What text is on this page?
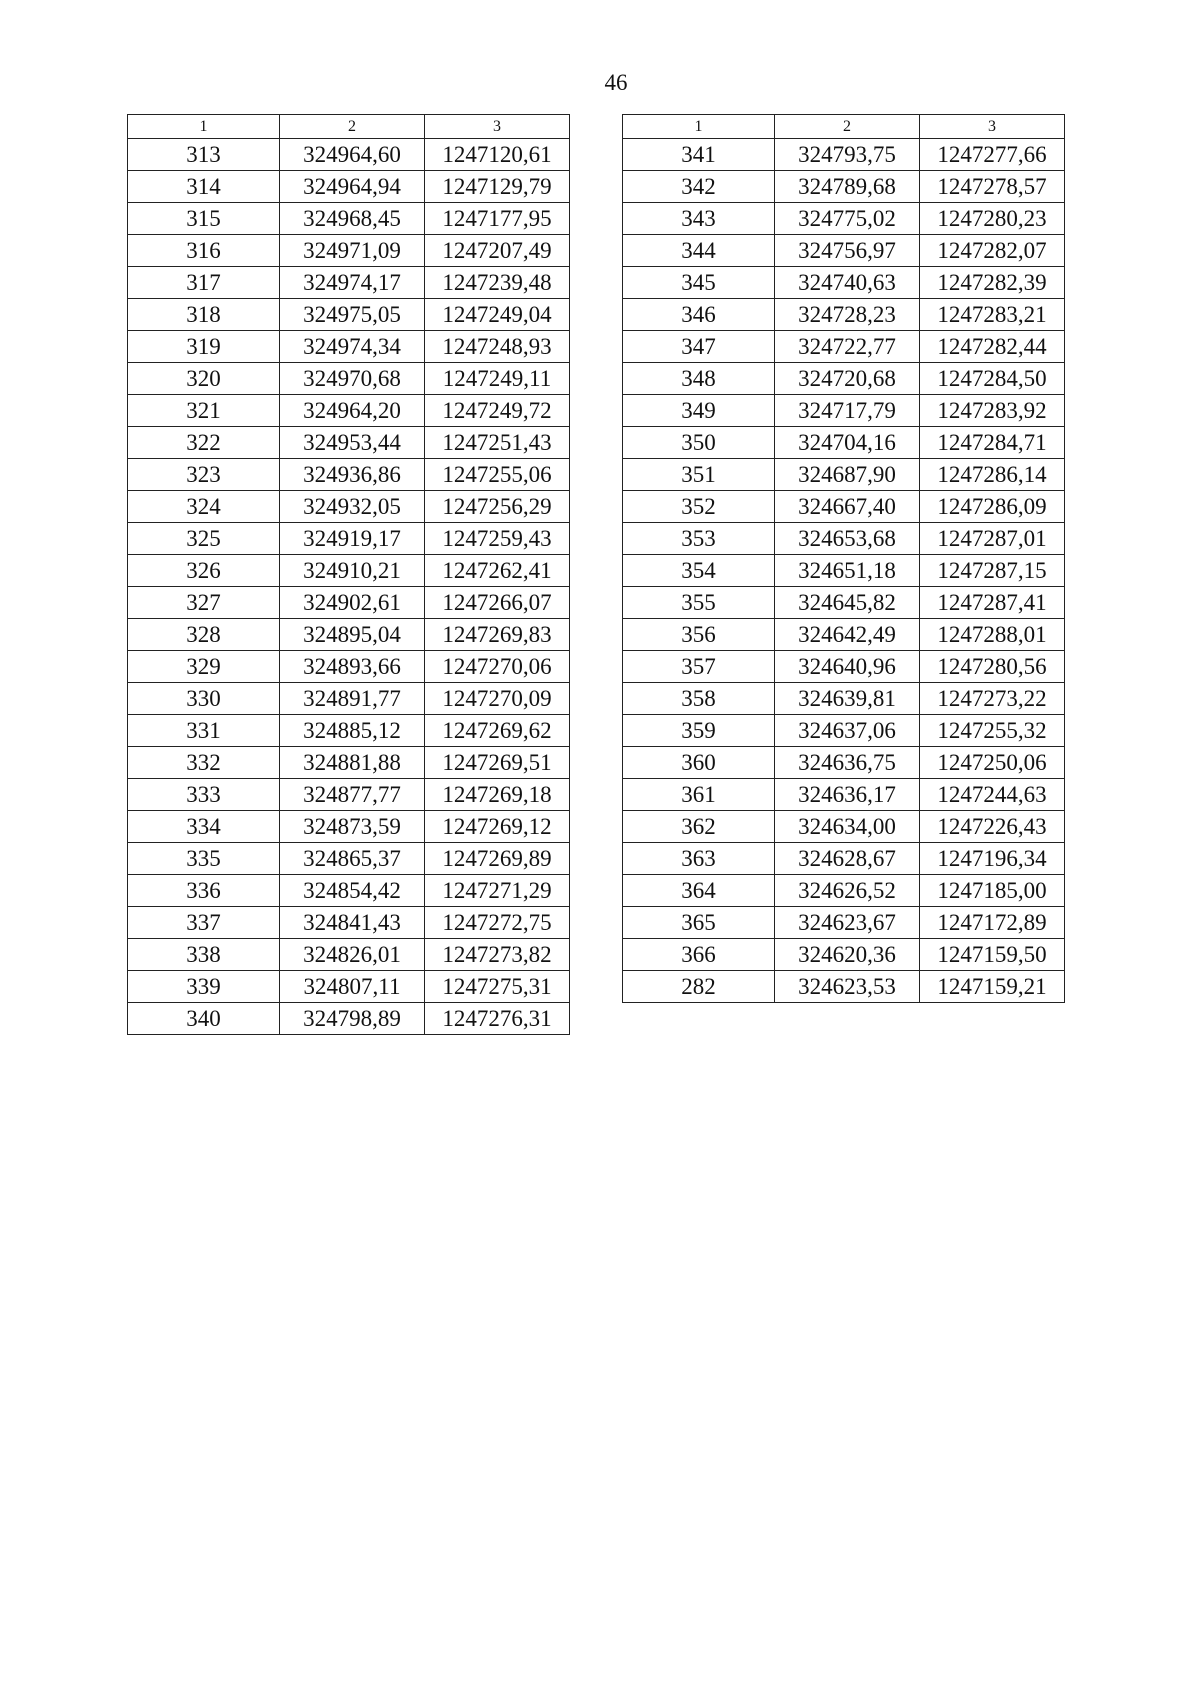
46
1	2	3
313	324964,60	1247120,61
314	324964,94	1247129,79
315	324968,45	1247177,95
316	324971,09	1247207,49
317	324974,17	1247239,48
318	324975,05	1247249,04
319	324974,34	1247248,93
320	324970,68	1247249,11
321	324964,20	1247249,72
322	324953,44	1247251,43
323	324936,86	1247255,06
324	324932,05	1247256,29
325	324919,17	1247259,43
326	324910,21	1247262,41
327	324902,61	1247266,07
328	324895,04	1247269,83
329	324893,66	1247270,06
330	324891,77	1247270,09
331	324885,12	1247269,62
332	324881,88	1247269,51
333	324877,77	1247269,18
334	324873,59	1247269,12
335	324865,37	1247269,89
336	324854,42	1247271,29
337	324841,43	1247272,75
338	324826,01	1247273,82
339	324807,11	1247275,31
340	324798,89	1247276,31
1	2	3
341	324793,75	1247277,66
342	324789,68	1247278,57
343	324775,02	1247280,23
344	324756,97	1247282,07
345	324740,63	1247282,39
346	324728,23	1247283,21
347	324722,77	1247282,44
348	324720,68	1247284,50
349	324717,79	1247283,92
350	324704,16	1247284,71
351	324687,90	1247286,14
352	324667,40	1247286,09
353	324653,68	1247287,01
354	324651,18	1247287,15
355	324645,82	1247287,41
356	324642,49	1247288,01
357	324640,96	1247280,56
358	324639,81	1247273,22
359	324637,06	1247255,32
360	324636,75	1247250,06
361	324636,17	1247244,63
362	324634,00	1247226,43
363	324628,67	1247196,34
364	324626,52	1247185,00
365	324623,67	1247172,89
366	324620,36	1247159,50
282	324623,53	1247159,21
